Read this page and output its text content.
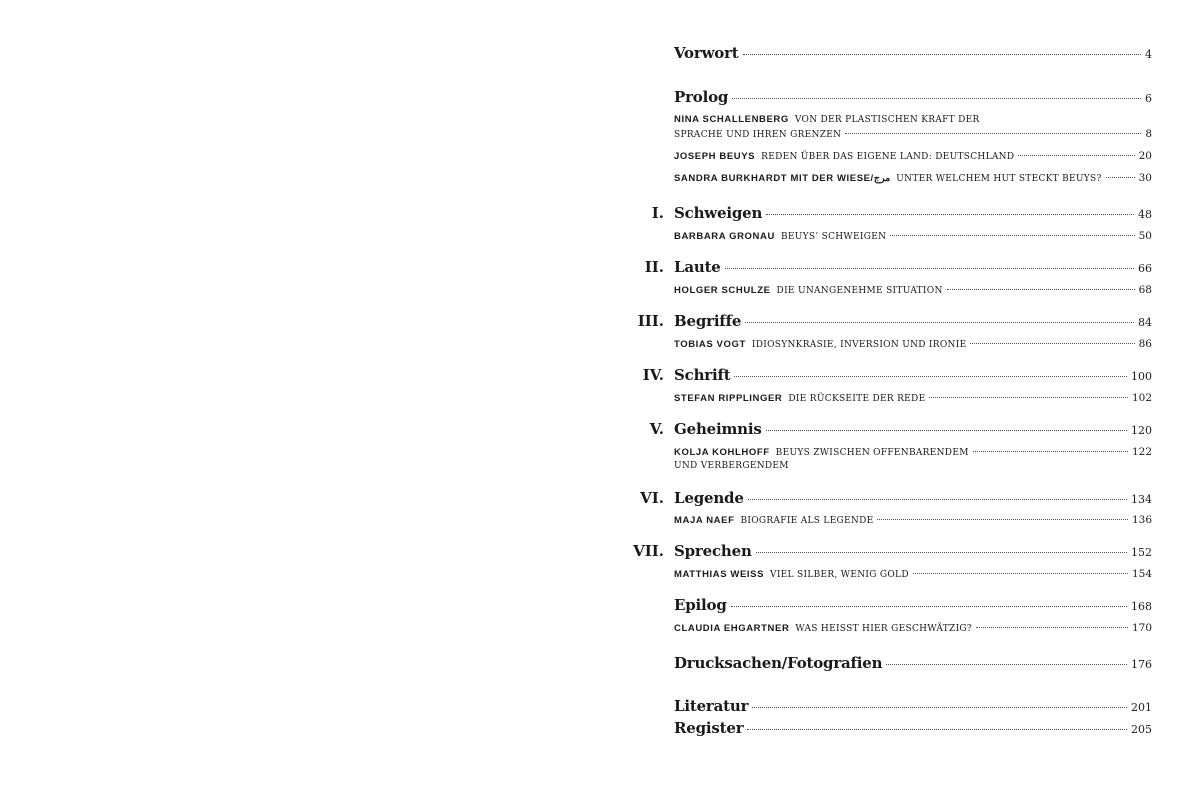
Vorwort	4
Prolog	6
NINA SCHALLENBERG VON DER PLASTISCHEN KRAFT DER
SPRACHE UND IHREN GRENZEN	8
JOSEPH BEUYS REDEN ÜBER DAS EIGENE LAND: DEUTSCHLAND	20
SANDRA BURKHARDT MIT DER WIESE/مرج UNTER WELCHEM HUT STECKT BEUYS?	30
I. Schweigen	48
BARBARA GRONAU BEUYS’ SCHWEIGEN	50
II. Laute	66
HOLGER SCHULZE DIE UNANGENEHME SITUATION	68
III. Begriffe	84
TOBIAS VOGT IDIOSYNKRASIE, INVERSION UND IRONIE	86
IV. Schrift	100
STEFAN RIPPLINGER DIE RÜCKSEITE DER REDE	102
V. Geheimnis	120
KOLJA KOHLHOFF BEUYS ZWISCHEN OFFENBARENDEM	122
UND VERBERGENDEM
VI. Legende	134
MAJA NAEF BIOGRAFIE ALS LEGENDE	136
VII. Sprechen	152
MATTHIAS WEISS VIEL SILBER, WENIG GOLD	154
Epilog	168
CLAUDIA EHGARTNER WAS HEISST HIER GESCHWÄTZIG?	170
Drucksachen/Fotografien	176
Literatur	201
Register	205
